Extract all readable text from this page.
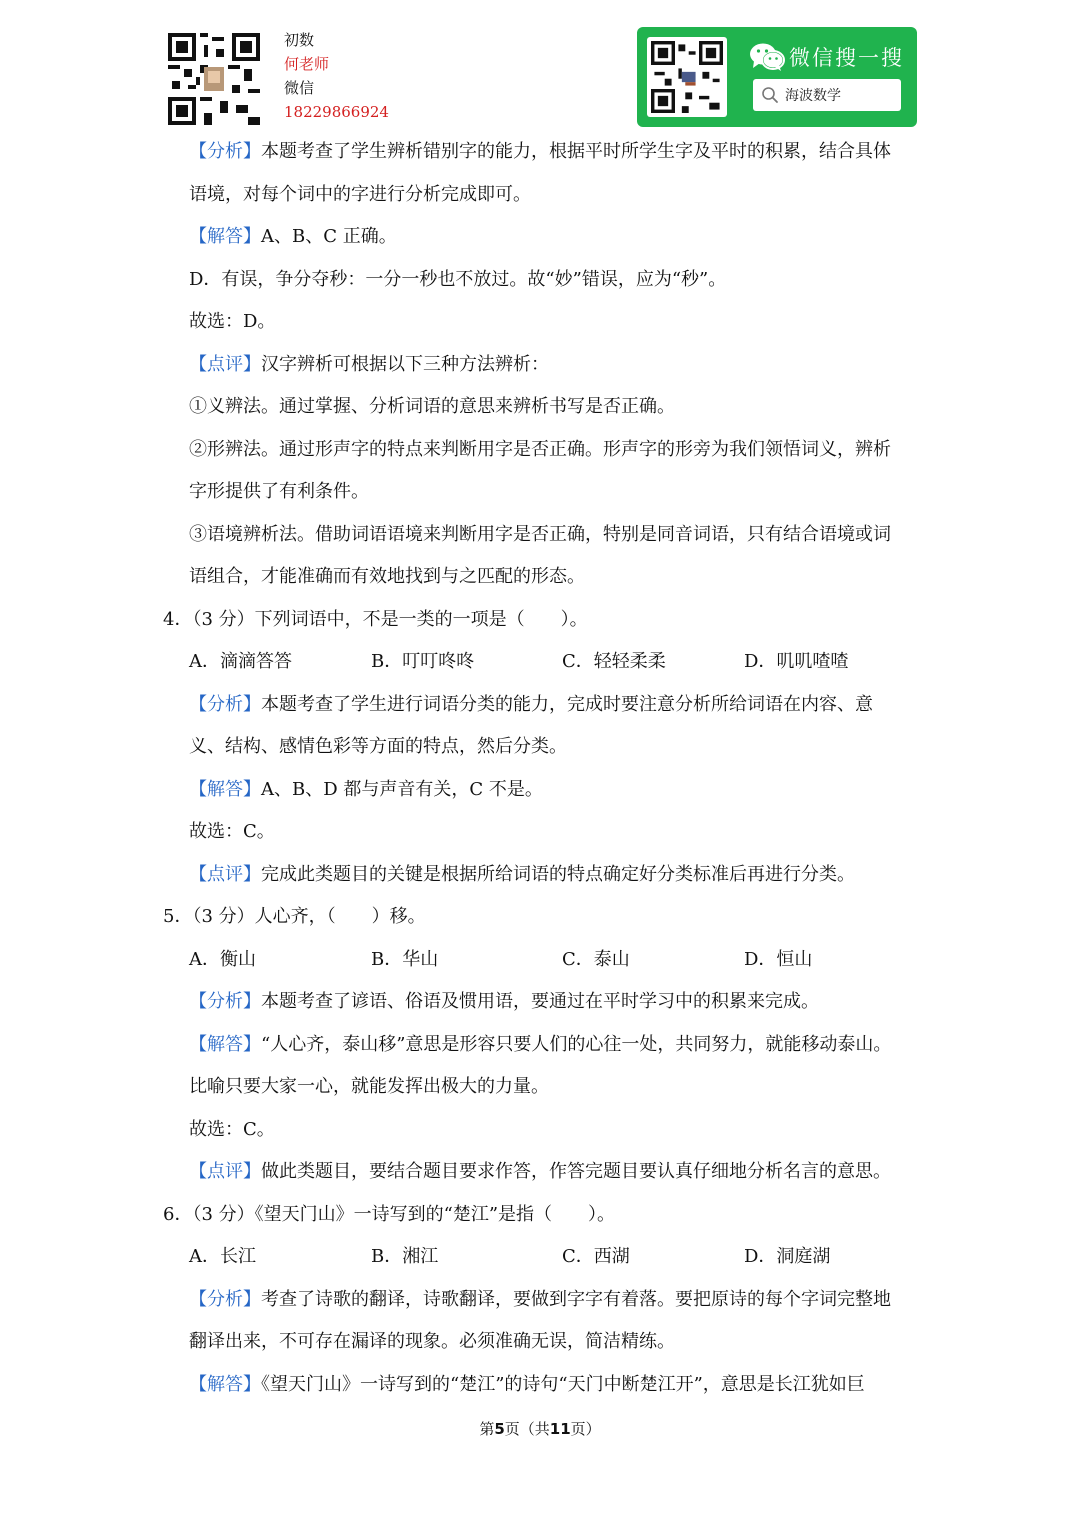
初数
何老师
微信
18229866924
微信搜一搜
海波数学
【分析】本题考查了学生辨析错别字的能力，根据平时所学生字及平时的积累，结合具体
语境，对每个词中的字进行分析完成即可。
【解答】A、B、C 正确。
D．有误，争分夺秒：一分一秒也不放过。故“妙”错误，应为“秒”。
故选：D。
【点评】汉字辨析可根据以下三种方法辨析：
①义辨法。通过掌握、分析词语的意思来辨析书写是否正确。
②形辨法。通过形声字的特点来判断用字是否正确。形声字的形旁为我们领悟词义，辨析
字形提供了有利条件。
③语境辨析法。借助词语语境来判断用字是否正确，特别是同音词语，只有结合语境或词
语组合，才能准确而有效地找到与之匹配的形态。
4．（3 分）下列词语中，不是一类的一项是（　　）。
A．滴滴答答	B．叮叮咚咚	C．轻轻柔柔	D．叽叽喳喳
【分析】本题考查了学生进行词语分类的能力，完成时要注意分析所给词语在内容、意
义、结构、感情色彩等方面的特点，然后分类。
【解答】A、B、D 都与声音有关，C 不是。
故选：C。
【点评】完成此类题目的关键是根据所给词语的特点确定好分类标准后再进行分类。
5．（3 分）人心齐，（　　）移。
A．衡山	B．华山	C．泰山	D．恒山
【分析】本题考查了谚语、俗语及惯用语，要通过在平时学习中的积累来完成。
【解答】“人心齐，泰山移”意思是形容只要人们的心往一处，共同努力，就能移动泰山。
比喻只要大家一心，就能发挥出极大的力量。
故选：C。
【点评】做此类题目，要结合题目要求作答，作答完题目要认真仔细地分析名言的意思。
6．（3 分）《望天门山》一诗写到的“楚江”是指（　　）。
A．长江	B．湘江	C．西湖	D．洞庭湖
【分析】考查了诗歌的翻译，诗歌翻译，要做到字字有着落。要把原诗的每个字词完整地
翻译出来，不可存在漏译的现象。必须准确无误，简洁精练。
【解答】《望天门山》一诗写到的“楚江”的诗句“天门中断楚江开”，意思是长江犹如巨
第5页（共11页）
